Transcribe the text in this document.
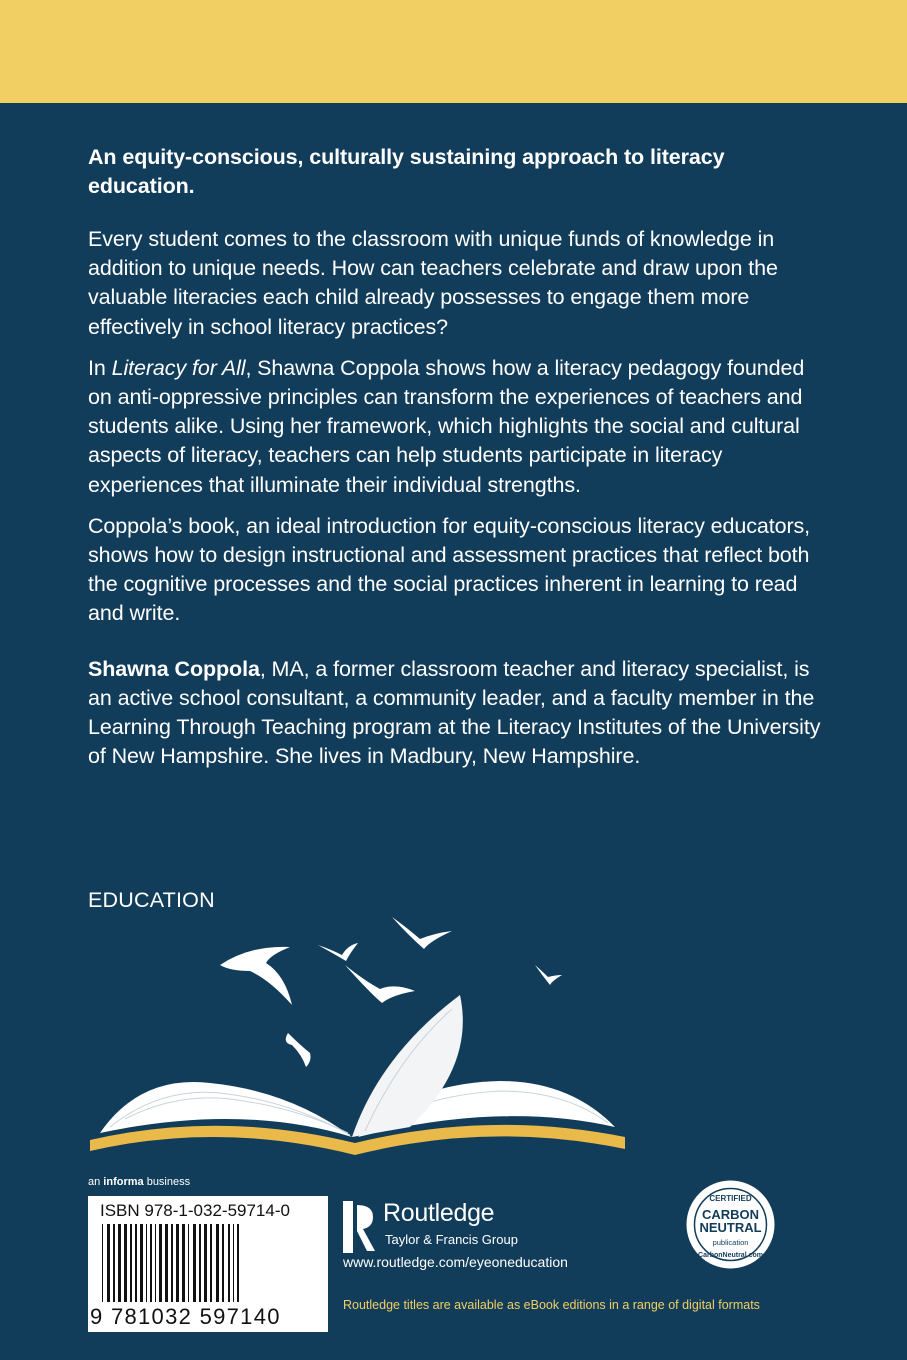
An equity-conscious, culturally sustaining approach to literacy education.

Every student comes to the classroom with unique funds of knowledge in addition to unique needs. How can teachers celebrate and draw upon the valuable literacies each child already possesses to engage them more effectively in school literacy practices?

In Literacy for All, Shawna Coppola shows how a literacy pedagogy founded on anti-oppressive principles can transform the experiences of teachers and students alike. Using her framework, which highlights the social and cultural aspects of literacy, teachers can help students participate in literacy experiences that illuminate their individual strengths.

Coppola’s book, an ideal introduction for equity-conscious literacy educators, shows how to design instructional and assessment practices that reflect both the cognitive processes and the social practices inherent in learning to read and write.

Shawna Coppola, MA, a former classroom teacher and literacy specialist, is an active school consultant, a community leader, and a faculty member in the Learning Through Teaching program at the Literacy Institutes of the University of New Hampshire. She lives in Madbury, New Hampshire.

EDUCATION
an informa business
ISBN 978-1-032-59714-0
9 781032 597140
Routledge
Taylor & Francis Group
www.routledge.com/eyeoneducation
CERTIFIED
CARBON
NEUTRAL
publication
CarbonNeutral.com
Routledge titles are available as eBook editions in a range of digital formats
